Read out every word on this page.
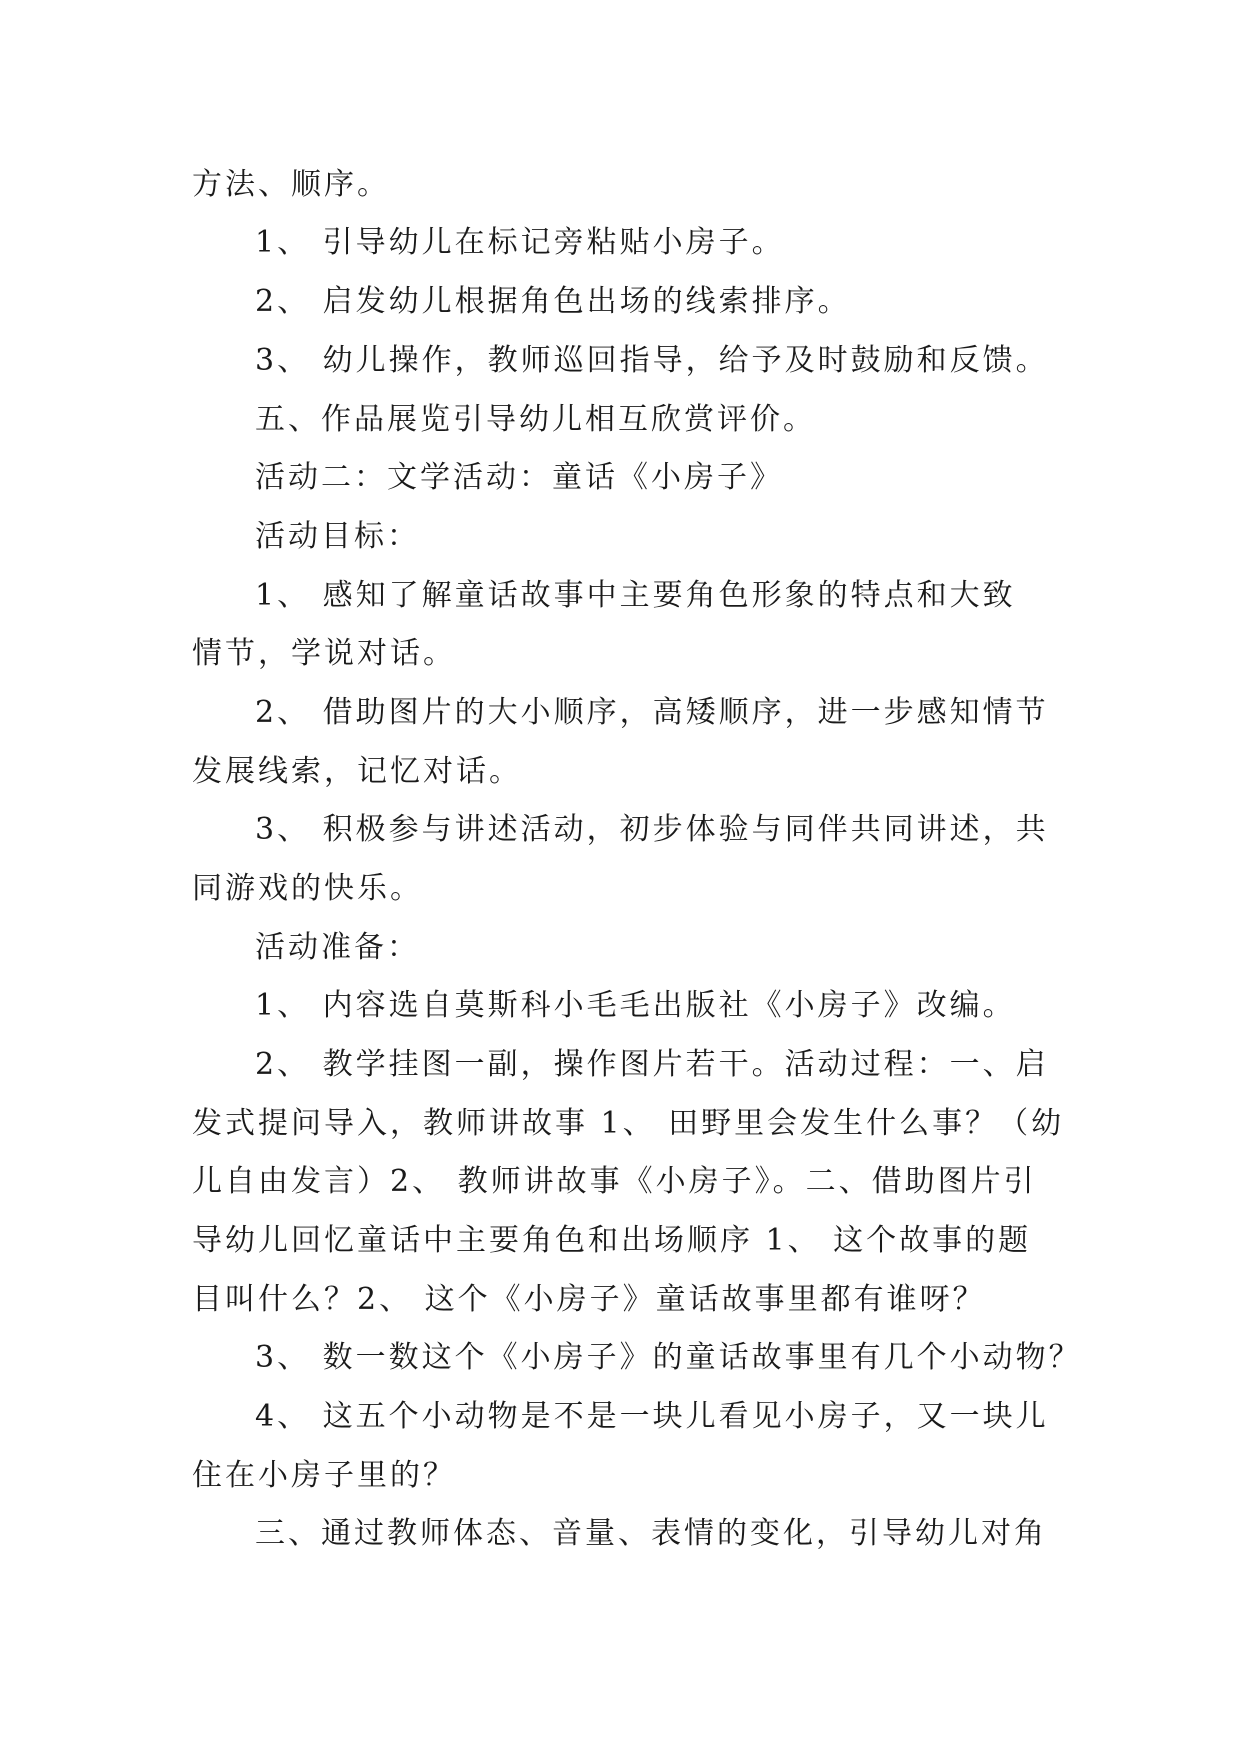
方法、顺序。
1、 引导幼儿在标记旁粘贴小房子。
2、 启发幼儿根据角色出场的线索排序。
3、 幼儿操作，教师巡回指导，给予及时鼓励和反馈。
五、作品展览引导幼儿相互欣赏评价。
活动二：文学活动：童话《小房子》
活动目标：
1、 感知了解童话故事中主要角色形象的特点和大致
情节，学说对话。
2、 借助图片的大小顺序，高矮顺序，进一步感知情节
发展线索，记忆对话。
3、 积极参与讲述活动，初步体验与同伴共同讲述，共
同游戏的快乐。
活动准备：
1、 内容选自莫斯科小毛毛出版社《小房子》改编。
2、 教学挂图一副，操作图片若干。活动过程：一、启
发式提问导入，教师讲故事 1、 田野里会发生什么事？（幼
儿自由发言）2、 教师讲故事《小房子》。二、借助图片引
导幼儿回忆童话中主要角色和出场顺序 1、 这个故事的题
目叫什么？2、 这个《小房子》童话故事里都有谁呀？
3、 数一数这个《小房子》的童话故事里有几个小动物？
4、 这五个小动物是不是一块儿看见小房子，又一块儿
住在小房子里的？
三、通过教师体态、音量、表情的变化，引导幼儿对角
